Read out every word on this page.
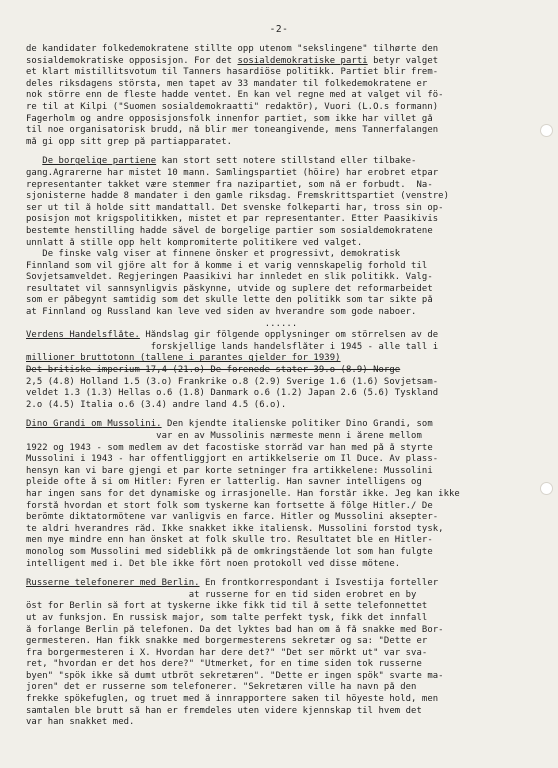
-2-
de kandidater folkedemokratene stillte opp utenom "sekslingene" tilhørte den
sosialdemokratiske opposisjon. For det sosialdemokratiske parti betyr valget
et klart mistillitsvotum til Tanners hasardiöse politikk. Partiet blir frem-
deles riksdagens största, men tapet av 33 mandater til folkedemokratene er
nok större enn de fleste hadde ventet. En kan vel regne med at valget vil fö-
re til at Kilpi ("Suomen sosialdemokraatti" redaktör), Vuori (L.O.s formann)
Fagerholm og andre opposisjonsfolk innenfor partiet, som ikke har villet gå
til noe organisatorisk brudd, nå blir mer toneangivende, mens Tannerfalangen
må gi opp sitt grep på partiapparatet.
De borgelige partiene kan stort sett notere stillstand eller tilbake-
gang.Agrarerne har mistet 10 mann. Samlingspartiet (höire) har erobret etpar
representanter takket være stemmer fra nazipartiet, som nå er forbudt.  Na-
sjonisterne hadde 8 mandater i den gamle riksdag. Fremskrittspartiet (venstre)
ser ut til å holde sitt mandattall. Det svenske folkeparti har, tross sin op-
posisjon mot krigspolitikken, mistet et par representanter. Etter Paasikivis
bestemte henstilling hadde såvel de borgelige partier som sosialdemokratene
unnlatt å stille opp helt kompromiterte politikere ved valget.
De finske valg viser at finnene önsker et progressivt, demokratisk
Finnland som vil gjöre alt for å komme i et varig vennskapelig forhold til
Sovjetsamveldet. Regjeringen Paasikivi har innledet en slik politikk. Valg-
resultatet vil sannsynligvis påskynne, utvide og suplere det reformarbeidet
som er påbegynt samtidig som det skulle lette den politikk som tar sikte på
at Finnland og Russland kan leve ved siden av hverandre som gode naboer.
......
Verdens Handelsflåte. Håndslag gir fölgende opplysninger om störrelsen av de
forskjellige lands handelsflåter i 1945 - alle tall i
millioner bruttotonn (tallene i parantes gjelder for 1939)
Det britiske imperium 17,4 (21.o) De forenede stater 39.o (8.9) Norge
2,5 (4.8) Holland 1.5 (3.o) Frankrike o.8 (2.9) Sverige 1.6 (1.6) Sovjetsam-
veldet 1.3 (1.3) Hellas o.6 (1.8) Danmark o.6 (1.2) Japan 2.6 (5.6) Tyskland
2.o (4.5) Italia o.6 (3.4) andre land 4.5 (6.o).
Dino Grandi om Mussolini. Den kjendte italienske politiker Dino Grandi, som
var en av Mussolinis nærmeste menn i årene mellom
1922 og 1943 - som medlem av det facostiske storråd var han med på å styrte
Mussolini i 1943 - har offentliggjort en artikkelserie om Il Duce. Av plass-
hensyn kan vi bare gjengi et par korte setninger fra artikkelene: Mussolini
pleide ofte å si om Hitler: Fyren er latterlig. Han savner intelligens og
har ingen sans for det dynamiske og irrasjonelle. Han forstår ikke. Jeg kan ikke
forstå hvordan et stort folk som tyskerne kan fortsette å fölge Hitler./ De
berömte diktatormötene var vanligvis en farce. Hitler og Mussolini aksepter-
te aldri hverandres råd. Ikke snakket ikke italiensk. Mussolini forstod tysk,
men mye mindre enn han önsket at folk skulle tro. Resultatet ble en Hitler-
monolog som Mussolini med sideblikk på de omkringstående lot som han fulgte
intelligent med i. Det ble ikke fört noen protokoll ved disse mötene.
Russerne telefonerer med Berlin. En frontkorrespondant i Isvestija forteller
at russerne for en tid siden erobret en by
öst for Berlin så fort at tyskerne ikke fikk tid til å sette telefonnettet
ut av funksjon. En russisk major, som talte perfekt tysk, fikk det innfall
å forlange Berlin på telefonen. Da det lyktes bad han om å få snakke med Bor-
germesteren. Han fikk snakke med borgermesterens sekretær og sa: "Dette er
fra borgermesteren i X. Hvordan har dere det?" "Det ser mörkt ut" var sva-
ret, "hvordan er det hos dere?" "Utmerket, for en time siden tok russerne
byen" "spök ikke så dumt utbröt sekretæren". "Dette er ingen spök" svarte ma-
joren" det er russerne som telefonerer. "Sekretæren ville ha navn på den
frekke spökefuglen, og truet med å innrapportere saken til höyeste hold, men
samtalen ble brutt så han er fremdeles uten videre kjennskap til hvem det
var han snakket med.
